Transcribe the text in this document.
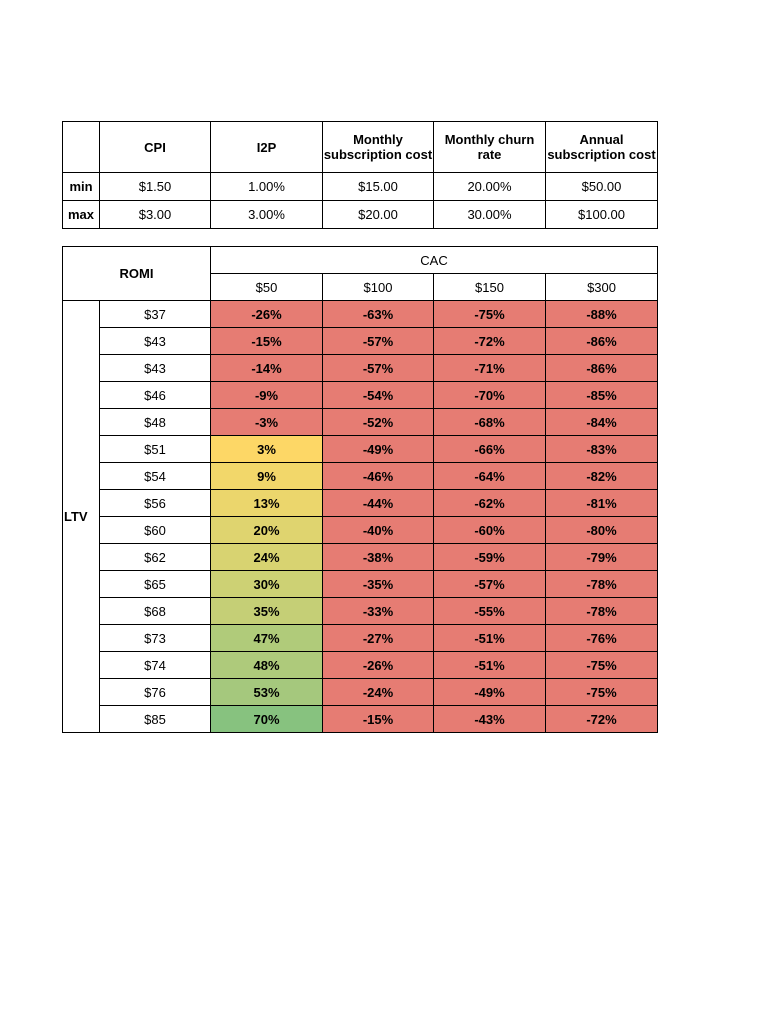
	CPI	I2P	Monthly subscription cost	Monthly churn rate	Annual subscription cost
min	$1.50	1.00%	$15.00	20.00%	$50.00
max	$3.00	3.00%	$20.00	30.00%	$100.00
ROMI		CAC			
		$50	$100	$150	$300
LTV	$37	-26%	-63%	-75%	-88%
	$43	-15%	-57%	-72%	-86%
	$43	-14%	-57%	-71%	-86%
	$46	-9%	-54%	-70%	-85%
	$48	-3%	-52%	-68%	-84%
	$51	3%	-49%	-66%	-83%
	$54	9%	-46%	-64%	-82%
	$56	13%	-44%	-62%	-81%
	$60	20%	-40%	-60%	-80%
	$62	24%	-38%	-59%	-79%
	$65	30%	-35%	-57%	-78%
	$68	35%	-33%	-55%	-78%
	$73	47%	-27%	-51%	-76%
	$74	48%	-26%	-51%	-75%
	$76	53%	-24%	-49%	-75%
	$85	70%	-15%	-43%	-72%
